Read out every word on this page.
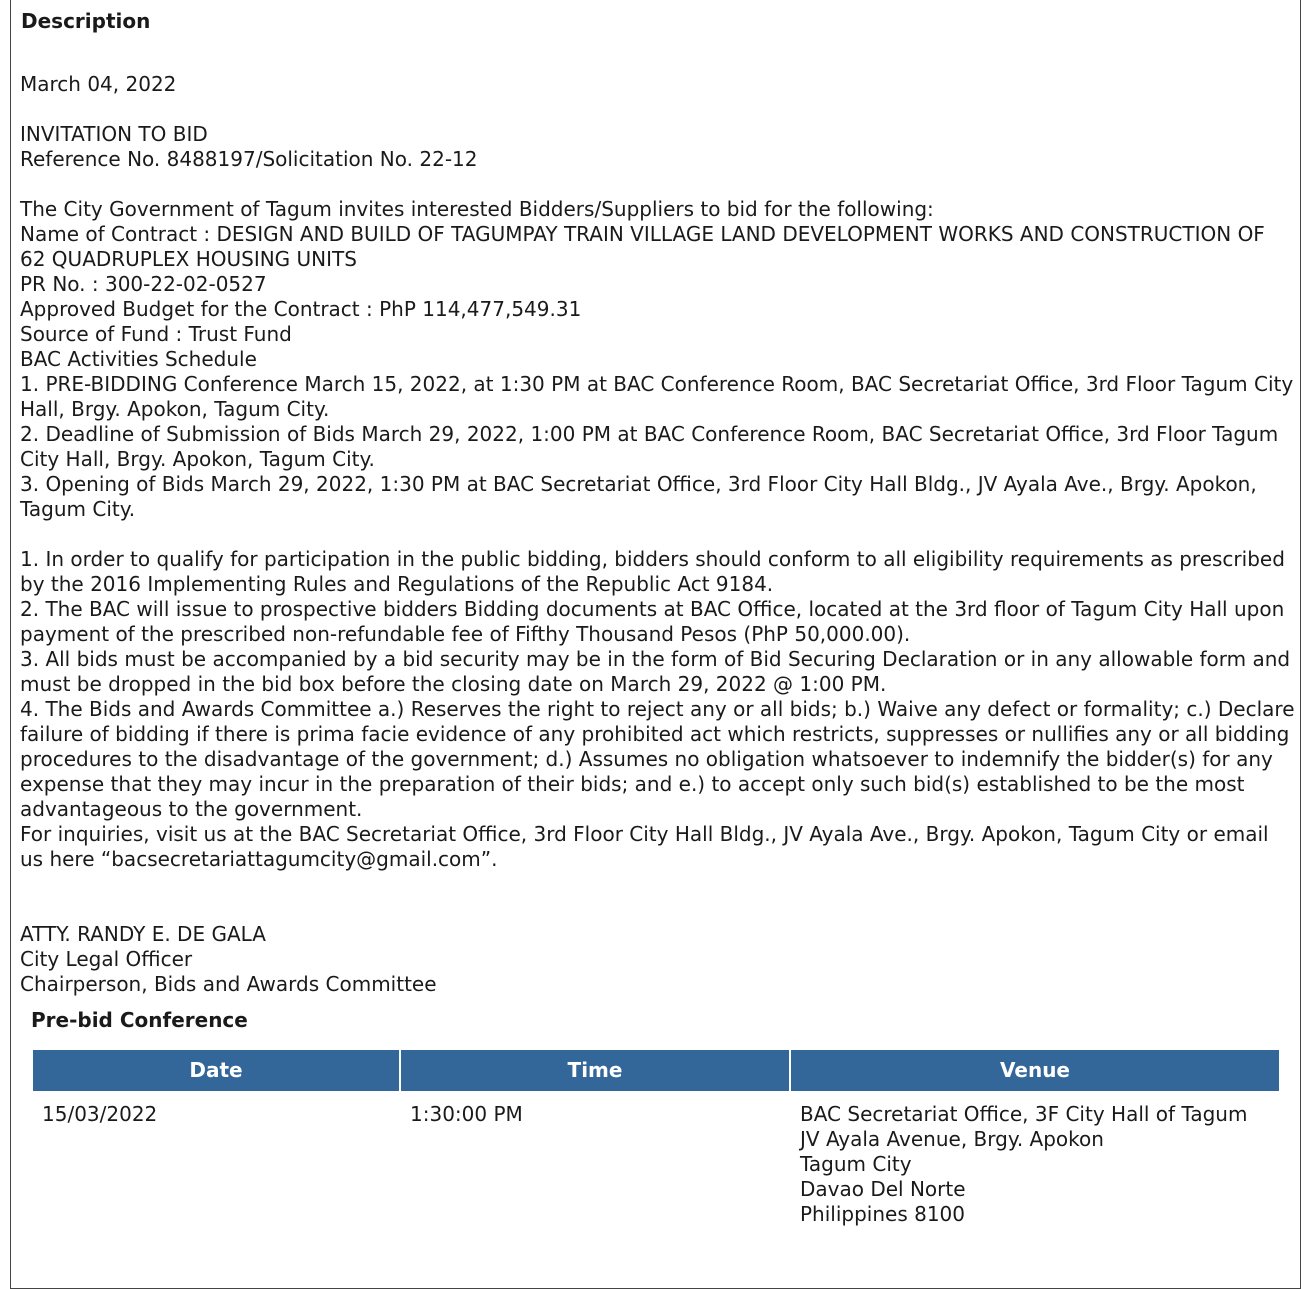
Description
March 04, 2022

INVITATION TO BID
Reference No. 8488197/Solicitation No. 22-12

The City Government of Tagum invites interested Bidders/Suppliers to bid for the following:
Name of Contract : DESIGN AND BUILD OF TAGUMPAY TRAIN VILLAGE LAND DEVELOPMENT WORKS AND CONSTRUCTION OF 62 QUADRUPLEX HOUSING UNITS
PR No. : 300-22-02-0527
Approved Budget for the Contract : PhP 114,477,549.31
Source of Fund : Trust Fund
BAC Activities Schedule
1. PRE-BIDDING Conference March 15, 2022, at 1:30 PM at BAC Conference Room, BAC Secretariat Office, 3rd Floor Tagum City Hall, Brgy. Apokon, Tagum City.
2. Deadline of Submission of Bids March 29, 2022, 1:00 PM at BAC Conference Room, BAC Secretariat Office, 3rd Floor Tagum City Hall, Brgy. Apokon, Tagum City.
3. Opening of Bids March 29, 2022, 1:30 PM at BAC Secretariat Office, 3rd Floor City Hall Bldg., JV Ayala Ave., Brgy. Apokon, Tagum City.

1. In order to qualify for participation in the public bidding, bidders should conform to all eligibility requirements as prescribed by the 2016 Implementing Rules and Regulations of the Republic Act 9184.
2. The BAC will issue to prospective bidders Bidding documents at BAC Office, located at the 3rd floor of Tagum City Hall upon payment of the prescribed non-refundable fee of Fifthy Thousand Pesos (PhP 50,000.00).
3. All bids must be accompanied by a bid security may be in the form of Bid Securing Declaration or in any allowable form and must be dropped in the bid box before the closing date on March 29, 2022 @ 1:00 PM.
4. The Bids and Awards Committee a.) Reserves the right to reject any or all bids; b.) Waive any defect or formality; c.) Declare failure of bidding if there is prima facie evidence of any prohibited act which restricts, suppresses or nullifies any or all bidding procedures to the disadvantage of the government; d.) Assumes no obligation whatsoever to indemnify the bidder(s) for any expense that they may incur in the preparation of their bids; and e.) to accept only such bid(s) established to be the most advantageous to the government.
For inquiries, visit us at the BAC Secretariat Office, 3rd Floor City Hall Bldg., JV Ayala Ave., Brgy. Apokon, Tagum City or email us here “bacsecretariattagumcity@gmail.com”.

ATTY. RANDY E. DE GALA
City Legal Officer
Chairperson, Bids and Awards Committee
Pre-bid Conference
Date	Time	Venue
15/03/2022	1:30:00 PM	BAC Secretariat Office, 3F City Hall of Tagum
JV Ayala Avenue, Brgy. Apokon
Tagum City
Davao Del Norte
Philippines 8100
